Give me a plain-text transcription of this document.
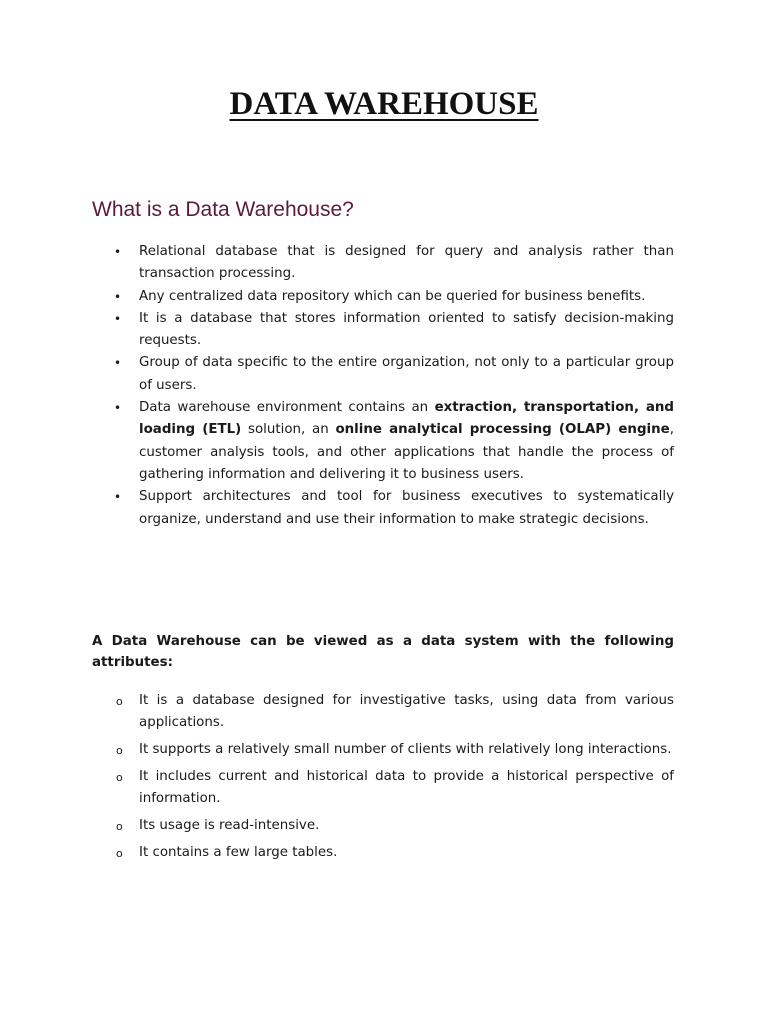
DATA WAREHOUSE
What is a Data Warehouse?
• Relational database that is designed for query and analysis rather than transaction processing.
• Any centralized data repository which can be queried for business benefits.
• It is a database that stores information oriented to satisfy decision-making requests.
• Group of data specific to the entire organization, not only to a particular group of users.
• Data warehouse environment contains an extraction, transportation, and loading (ETL) solution, an online analytical processing (OLAP) engine, customer analysis tools, and other applications that handle the process of gathering information and delivering it to business users.
• Support architectures and tool for business executives to systematically organize, understand and use their information to make strategic decisions.

A Data Warehouse can be viewed as a data system with the following attributes:

o It is a database designed for investigative tasks, using data from various applications.
o It supports a relatively small number of clients with relatively long interactions.
o It includes current and historical data to provide a historical perspective of information.
o Its usage is read-intensive.
o It contains a few large tables.
